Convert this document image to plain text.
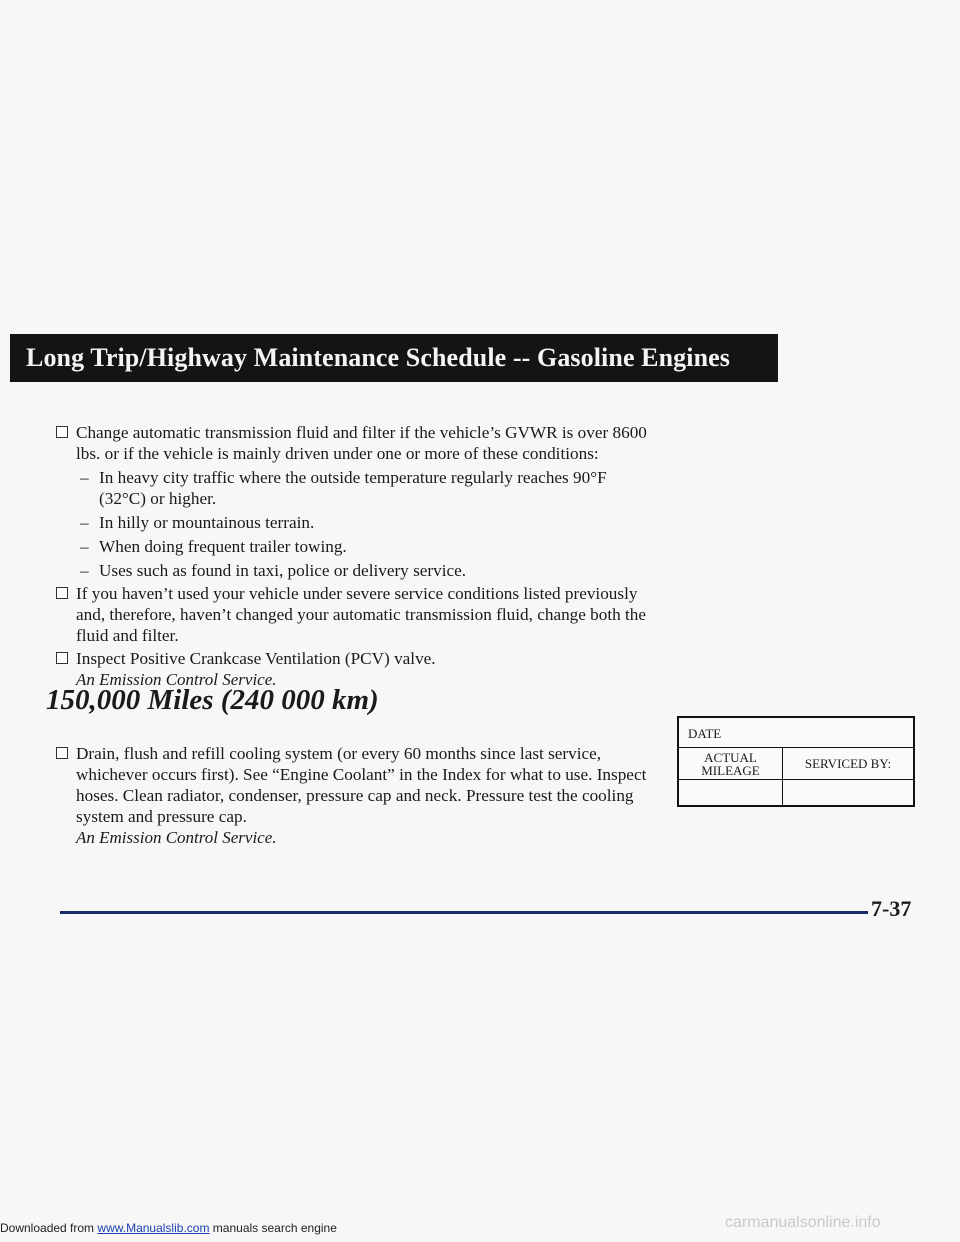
Long Trip/Highway Maintenance Schedule -- Gasoline Engines
Change automatic transmission fluid and filter if the vehicle’s GVWR is over 8600 lbs. or if the vehicle is mainly driven under one or more of these conditions:
– In heavy city traffic where the outside temperature regularly reaches 90°F (32°C) or higher.
– In hilly or mountainous terrain.
– When doing frequent trailer towing.
– Uses such as found in taxi, police or delivery service.
If you haven’t used your vehicle under severe service conditions listed previously and, therefore, haven’t changed your automatic transmission fluid, change both the fluid and filter.
Inspect Positive Crankcase Ventilation (PCV) valve.
An Emission Control Service.
150,000 Miles (240 000 km)
Drain, flush and refill cooling system (or every 60 months since last service, whichever occurs first). See “Engine Coolant” in the Index for what to use. Inspect hoses. Clean radiator, condenser, pressure cap and neck. Pressure test the cooling system and pressure cap.
An Emission Control Service.
DATE
ACTUAL
MILEAGE	SERVICED BY:
7-37
Downloaded from www.Manualslib.com manuals search engine	carmanualsonline.info
